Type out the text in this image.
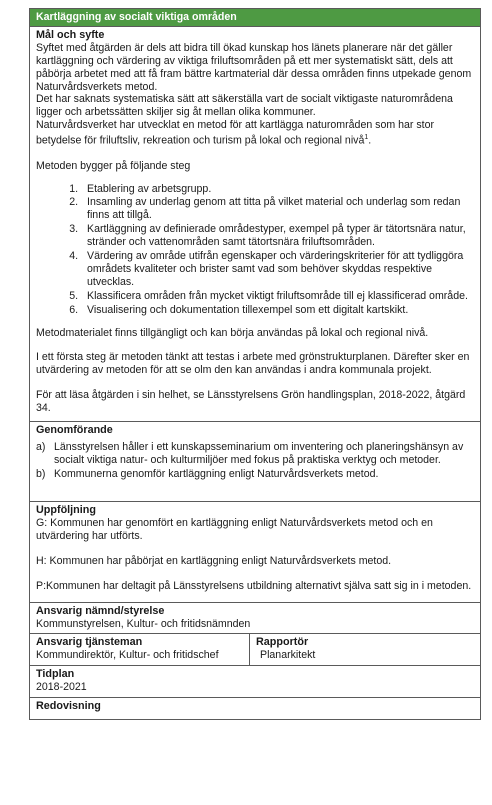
Kartläggning av socialt viktiga områden

Mål och syfte

Syftet med åtgärden är dels att bidra till ökad kunskap hos länets planerare när det gäller kartläggning och värdering av viktiga friluftsområden på ett mer systematiskt sätt, dels att påbörja arbetet med att få fram bättre kartmaterial där dessa områden finns utpekade genom Naturvårdsverkets metod.

Det har saknats systematiska sätt att säkerställa vart de socialt viktigaste naturområdena ligger och arbetssätten skiljer sig åt mellan olika kommuner.

Naturvårdsverket har utvecklat en metod för att kartlägga naturområden som har stor betydelse för friluftsliv, rekreation och turism på lokal och regional nivå$^1$.

Metoden bygger på följande steg

1. Etablering av arbetsgrupp.
2. Insamling av underlag genom att titta på vilket material och underlag som redan finns att tillgå.
3. Kartläggning av definierade områdestyper, exempel på typer är tätortsnära natur, stränder och vattenområden samt tätortsnära friluftsområden.
4. Värdering av område utifrån egenskaper och värderingskriterier för att tydliggöra områdets kvaliteter och brister samt vad som behöver skyddas respektive utvecklas.
5. Klassificera områden från mycket viktigt friluftsområde till ej klassificerad område.
6. Visualisering och dokumentation tillexempel som ett digitalt kartskikt.

Metodmaterialet finns tillgängligt och kan börja användas på lokal och regional nivå.

I ett första steg är metoden tänkt att testas i arbete med grönstrukturplanen. Därefter sker en utvärdering av metoden för att se olm den kan användas i andra kommunala projekt.

För att läsa åtgärden i sin helhet, se Länsstyrelsens Grön handlingsplan, 2018-2022, åtgärd 34.

Genomförande

a) Länsstyrelsen håller i ett kunskapsseminarium om inventering och planeringshänsyn av socialt viktiga natur- och kulturmiljöer med fokus på praktiska verktyg och metoder.
b) Kommunerna genomför kartläggning enligt Naturvårdsverkets metod.

Uppföljning

G: Kommunen har genomfört en kartläggning enligt Naturvårdsverkets metod och en utvärdering har utförts.

H: Kommunen har påbörjat en kartläggning enligt Naturvårdsverkets metod.

P:Kommunen har deltagit på Länsstyrelsens utbildning alternativt själva satt sig in i metoden.

Ansvarig nämnd/styrelse

Kommunstyrelsen, Kultur- och fritidsnämnden

Ansvarig tjänsteman

Kommundirektör, Kultur- och fritidschef

Rapportör

Planarkitekt

Tidplan

2018-2021

Redovisning
